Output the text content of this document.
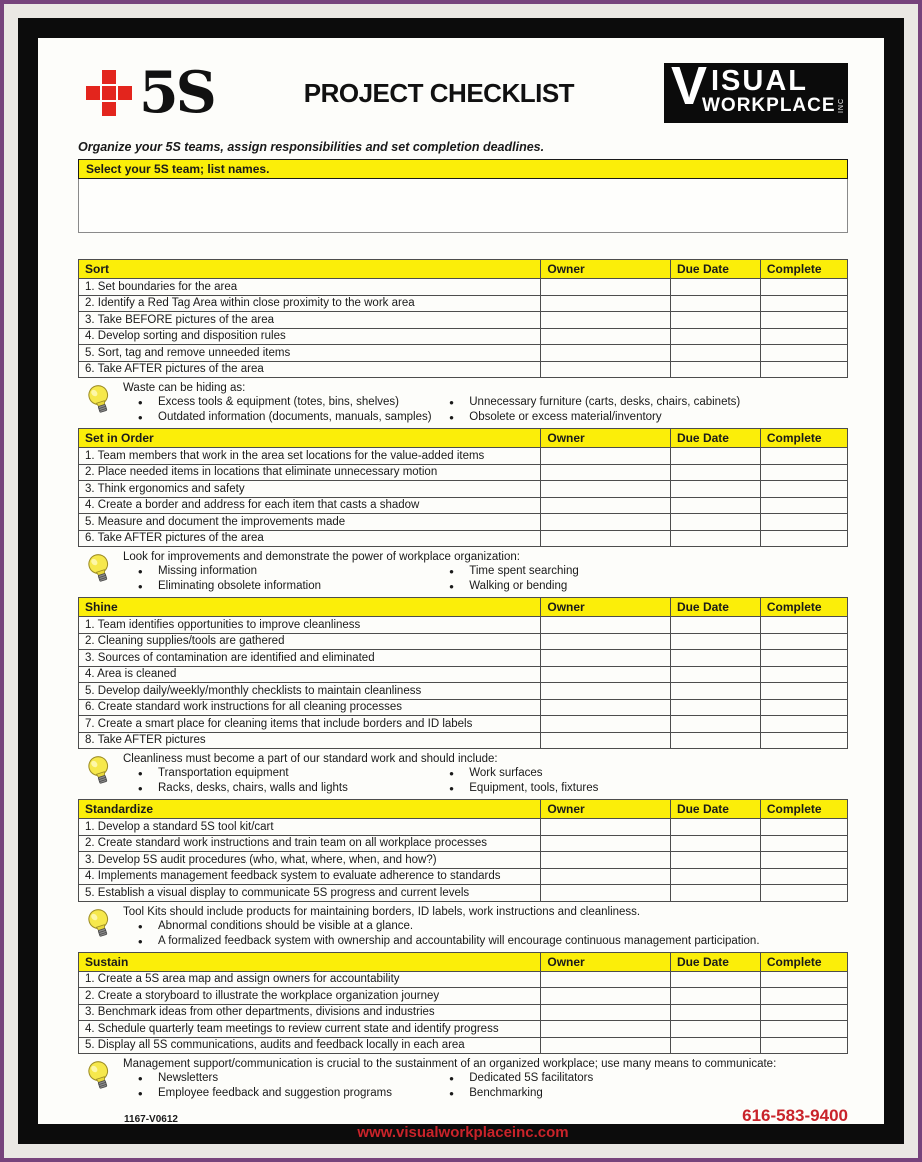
5S	PROJECT CHECKLIST	V ISUAL
WORKPLACE INC
Organize your 5S teams, assign responsibilities and set completion deadlines.
Select your 5S team; list names.
Sort	Owner	Due Date	Complete
1. Set boundaries for the area			
2. Identify a Red Tag Area within close proximity to the work area			
3. Take BEFORE pictures of the area			
4. Develop sorting and disposition rules			
5. Sort, tag and remove unneeded items			
6. Take AFTER pictures of the area			
Waste can be hiding as:
• Excess tools & equipment (totes, bins, shelves)
• Outdated information (documents, manuals, samples)
• Unnecessary furniture (carts, desks, chairs, cabinets)
• Obsolete or excess material/inventory
Set in Order	Owner	Due Date	Complete
1. Team members that work in the area set locations for the value-added items			
2. Place needed items in locations that eliminate unnecessary motion			
3. Think ergonomics and safety			
4. Create a border and address for each item that casts a shadow			
5. Measure and document the improvements made			
6. Take AFTER pictures of the area			
Look for improvements and demonstrate the power of workplace organization:
• Missing information
• Eliminating obsolete information
• Time spent searching
• Walking or bending
Shine	Owner	Due Date	Complete
1. Team identifies opportunities to improve cleanliness			
2. Cleaning supplies/tools are gathered			
3. Sources of contamination are identified and eliminated			
4. Area is cleaned			
5. Develop daily/weekly/monthly checklists to maintain cleanliness			
6. Create standard work instructions for all cleaning processes			
7. Create a smart place for cleaning items that include borders and ID labels			
8. Take AFTER pictures			
Cleanliness must become a part of our standard work and should include:
• Transportation equipment
• Racks, desks, chairs, walls and lights
• Work surfaces
• Equipment, tools, fixtures
Standardize	Owner	Due Date	Complete
1. Develop a standard 5S tool kit/cart			
2. Create standard work instructions and train team on all workplace processes			
3. Develop 5S audit procedures (who, what, where, when, and how?)			
4. Implements management feedback system to evaluate adherence to standards			
5. Establish a visual display to communicate 5S progress and current levels			
Tool Kits should include products for maintaining borders, ID labels, work instructions and cleanliness.
• Abnormal conditions should be visible at a glance.
• A formalized feedback system with ownership and accountability will encourage continuous management participation.
Sustain	Owner	Due Date	Complete
1. Create a 5S area map and assign owners for accountability			
2. Create a storyboard to illustrate the workplace organization journey			
3. Benchmark ideas from other departments, divisions and industries			
4. Schedule quarterly team meetings to review current state and identify progress			
5. Display all 5S communications, audits and feedback locally in each area			
Management support/communication is crucial to the sustainment of an organized workplace; use many means to communicate:
• Newsletters
• Employee feedback and suggestion programs
• Dedicated 5S facilitators
• Benchmarking
1167-V0612	616-583-9400
www.visualworkplaceinc.com
